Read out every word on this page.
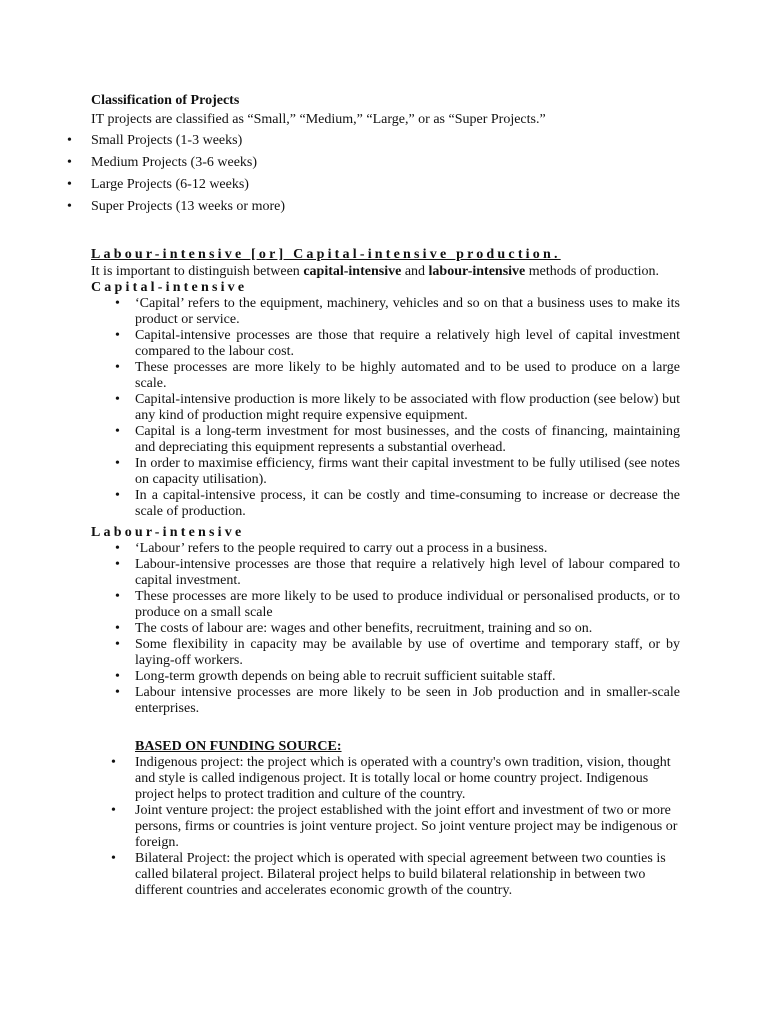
Classification of Projects
IT projects are classified as “Small,” “Medium,” “Large,” or as “Super Projects.”
• Small Projects (1-3 weeks)
• Medium Projects (3-6 weeks)
• Large Projects (6-12 weeks)
• Super Projects (13 weeks or more)
Labour-intensive [or] Capital-intensive production.
It is important to distinguish between capital-intensive and labour-intensive methods of production.
Capital-intensive
• ‘Capital’ refers to the equipment, machinery, vehicles and so on that a business uses to make its product or service.
• Capital-intensive processes are those that require a relatively high level of capital investment compared to the labour cost.
• These processes are more likely to be highly automated and to be used to produce on a large scale.
• Capital-intensive production is more likely to be associated with flow production (see below) but any kind of production might require expensive equipment.
• Capital is a long-term investment for most businesses, and the costs of financing, maintaining and depreciating this equipment represents a substantial overhead.
• In order to maximise efficiency, firms want their capital investment to be fully utilised (see notes on capacity utilisation).
• In a capital-intensive process, it can be costly and time-consuming to increase or decrease the scale of production.
Labour-intensive
• ‘Labour’ refers to the people required to carry out a process in a business.
• Labour-intensive processes are those that require a relatively high level of labour compared to capital investment.
• These processes are more likely to be used to produce individual or personalised products, or to produce on a small scale
• The costs of labour are: wages and other benefits, recruitment, training and so on.
• Some flexibility in capacity may be available by use of overtime and temporary staff, or by laying-off workers.
• Long-term growth depends on being able to recruit sufficient suitable staff.
• Labour intensive processes are more likely to be seen in Job production and in smaller-scale enterprises.
BASED ON FUNDING SOURCE:
• Indigenous project: the project which is operated with a country's own tradition, vision, thought and style is called indigenous project. It is totally local or home country project. Indigenous project helps to protect tradition and culture of the country.
• Joint venture project: the project established with the joint effort and investment of two or more persons, firms or countries is joint venture project. So joint venture project may be indigenous or foreign.
• Bilateral Project: the project which is operated with special agreement between two counties is called bilateral project. Bilateral project helps to build bilateral relationship in between two different countries and accelerates economic growth of the country.
